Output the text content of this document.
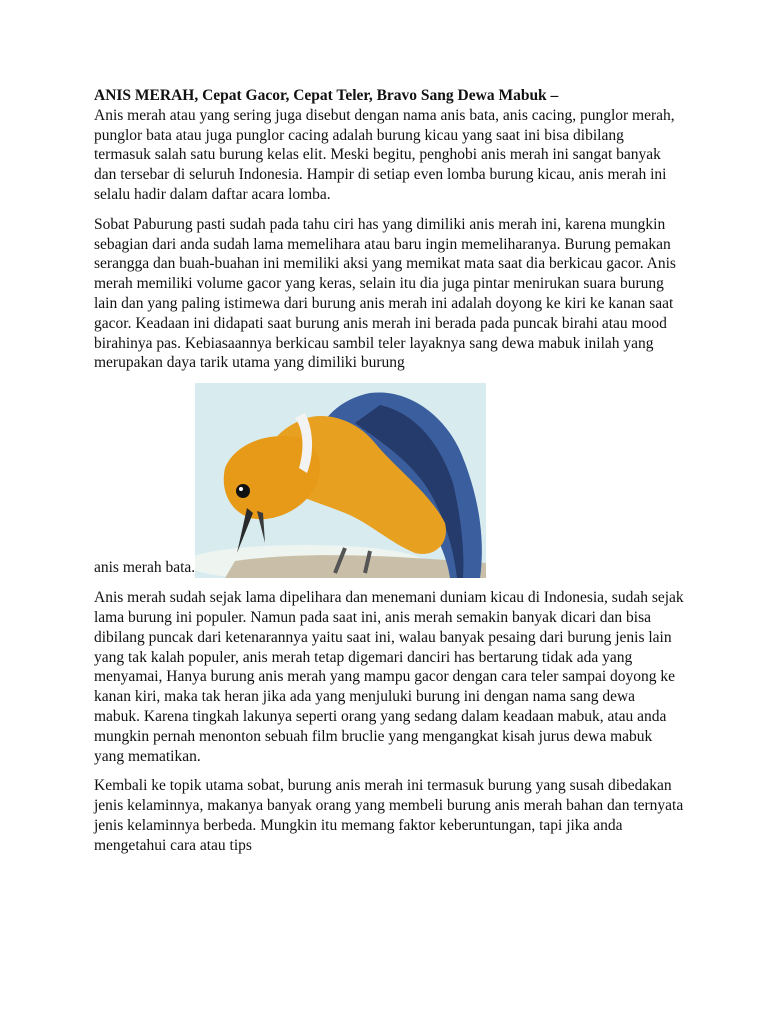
ANIS MERAH, Cepat Gacor, Cepat Teler, Bravo Sang Dewa Mabuk –
Anis merah atau yang sering juga disebut dengan nama anis bata, anis cacing, punglor merah, punglor bata atau juga punglor cacing adalah burung kicau yang saat ini bisa dibilang termasuk salah satu burung kelas elit. Meski begitu, penghobi anis merah ini sangat banyak dan tersebar di seluruh Indonesia. Hampir di setiap even lomba burung kicau, anis merah ini selalu hadir dalam daftar acara lomba.

Sobat Paburung pasti sudah pada tahu ciri has yang dimiliki anis merah ini, karena mungkin sebagian dari anda sudah lama memelihara atau baru ingin memeliharanya. Burung pemakan serangga dan buah-buahan ini memiliki aksi yang memikat mata saat dia berkicau gacor. Anis merah memiliki volume gacor yang keras, selain itu dia juga pintar menirukan suara burung lain dan yang paling istimewa dari burung anis merah ini adalah doyong ke kiri ke kanan saat gacor. Keadaan ini didapati saat burung anis merah ini berada pada puncak birahi atau mood birahinya pas. Kebiasaannya berkicau sambil teler layaknya sang dewa mabuk inilah yang merupakan daya tarik utama yang dimiliki burung

anis merah bata.

Anis merah sudah sejak lama dipelihara dan menemani duniam kicau di Indonesia, sudah sejak lama burung ini populer. Namun pada saat ini, anis merah semakin banyak dicari dan bisa dibilang puncak dari ketenarannya yaitu saat ini, walau banyak pesaing dari burung jenis lain yang tak kalah populer, anis merah tetap digemari danciri has bertarung tidak ada yang menyamai, Hanya burung anis merah yang mampu gacor dengan cara teler sampai doyong ke kanan kiri, maka tak heran jika ada yang menjuluki burung ini dengan nama sang dewa mabuk. Karena tingkah lakunya seperti orang yang sedang dalam keadaan mabuk, atau anda mungkin pernah menonton sebuah film bruclie yang mengangkat kisah jurus dewa mabuk yang mematikan.

Kembali ke topik utama sobat, burung anis merah ini termasuk burung yang susah dibedakan jenis kelaminnya, makanya banyak orang yang membeli burung anis merah bahan dan ternyata jenis kelaminnya berbeda. Mungkin itu memang faktor keberuntungan, tapi jika anda mengetahui cara atau tips
